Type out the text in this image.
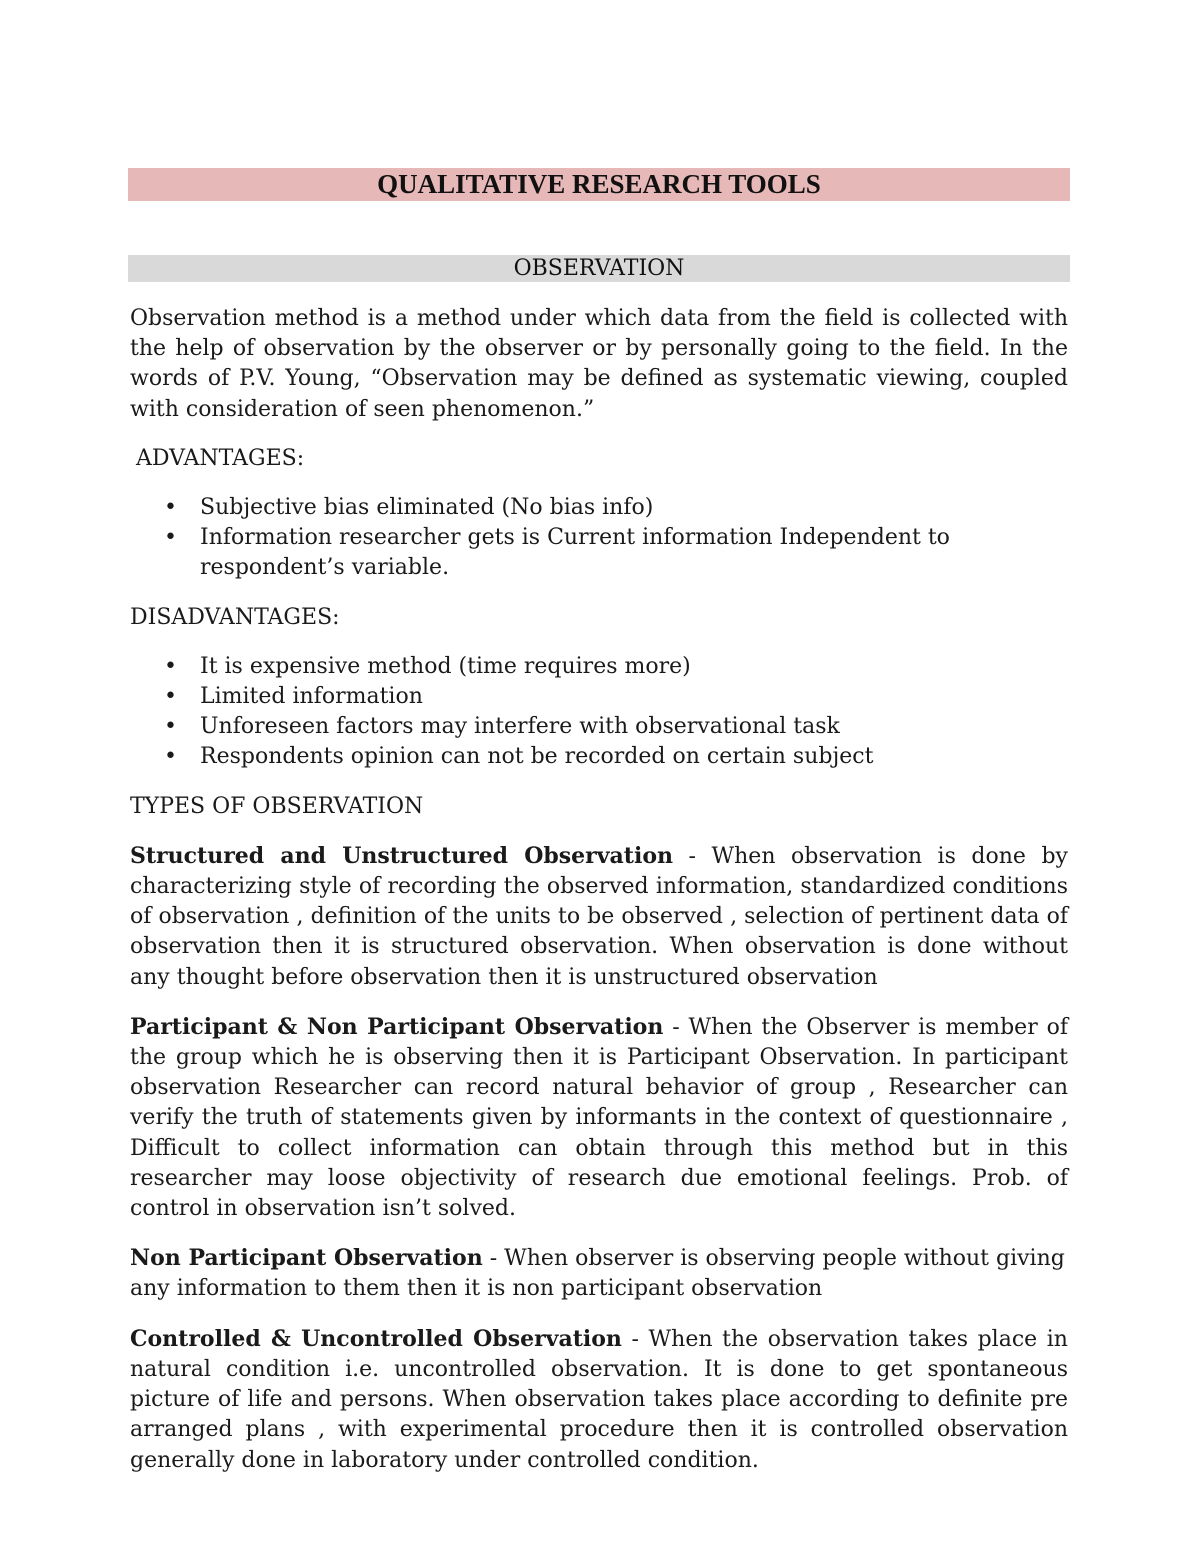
QUALITATIVE RESEARCH TOOLS
OBSERVATION

Observation method is a method under which data from the field is collected with the help of observation by the observer or by personally going to the field. In the words of P.V. Young, “Observation may be defined as systematic viewing, coupled with consideration of seen phenomenon.”

ADVANTAGES:

• Subjective bias eliminated (No bias info)
• Information researcher gets is Current information Independent to respondent’s variable.

DISADVANTAGES:

• It is expensive method (time requires more)
• Limited information
• Unforeseen factors may interfere with observational task
• Respondents opinion can not be recorded on certain subject

TYPES OF OBSERVATION

Structured and Unstructured Observation - When observation is done by characterizing style of recording the observed information, standardized conditions of observation , definition of the units to be observed , selection of pertinent data of observation then it is structured observation. When observation is done without any thought before observation then it is unstructured observation

Participant & Non Participant Observation - When the Observer is member of the group which he is observing then it is Participant Observation. In participant observation Researcher can record natural behavior of group , Researcher can verify the truth of statements given by informants in the context of questionnaire , Difficult to collect information can obtain through this method but in this researcher may loose objectivity of research due emotional feelings. Prob. of control in observation isn’t solved.

Non Participant Observation - When observer is observing people without giving any information to them then it is non participant observation

Controlled & Uncontrolled Observation - When the observation takes place in natural condition i.e. uncontrolled observation. It is done to get spontaneous picture of life and persons. When observation takes place according to definite pre arranged plans , with experimental procedure then it is controlled observation generally done in laboratory under controlled condition.
